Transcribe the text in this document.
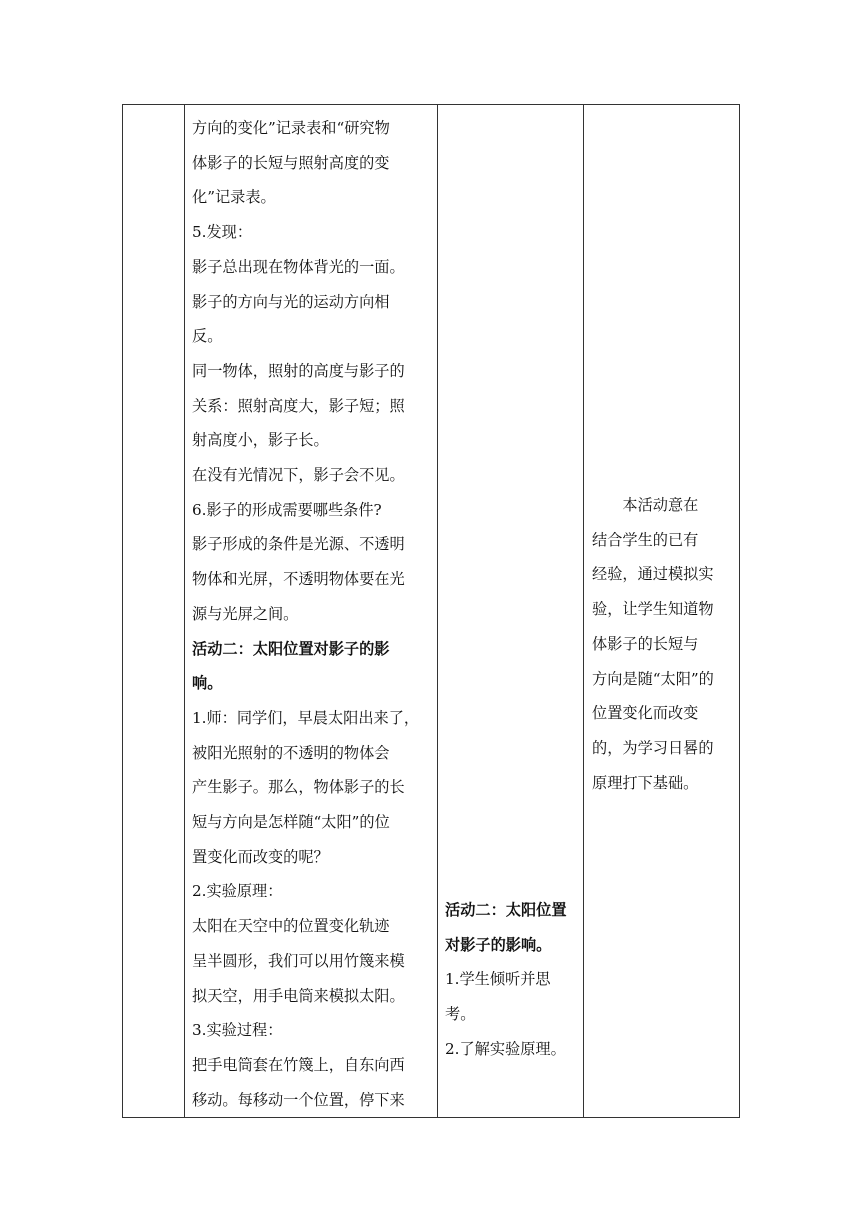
方向的变化”记录表和“研究物
体影子的长短与照射高度的变
化”记录表。
5.发现：
影子总出现在物体背光的一面。
影子的方向与光的运动方向相
反。
同一物体，照射的高度与影子的
关系：照射高度大，影子短；照
射高度小，影子长。
在没有光情况下，影子会不见。
6.影子的形成需要哪些条件?
影子形成的条件是光源、不透明
物体和光屏，不透明物体要在光
源与光屏之间。
活动二：太阳位置对影子的影
响。
1.师：同学们，早晨太阳出来了，
被阳光照射的不透明的物体会
产生影子。那么，物体影子的长
短与方向是怎样随“太阳”的位
置变化而改变的呢？
2.实验原理：
太阳在天空中的位置变化轨迹
呈半圆形，我们可以用竹篾来模
拟天空，用手电筒来模拟太阳。
3.实验过程：
把手电筒套在竹篾上，自东向西
移动。每移动一个位置，停下来

活动二：太阳位置
对影子的影响。
1.学生倾听并思
考。
2.了解实验原理。

　　本活动意在
结合学生的已有
经验，通过模拟实
验，让学生知道物
体影子的长短与
方向是随“太阳”的
位置变化而改变
的，为学习日晷的
原理打下基础。
